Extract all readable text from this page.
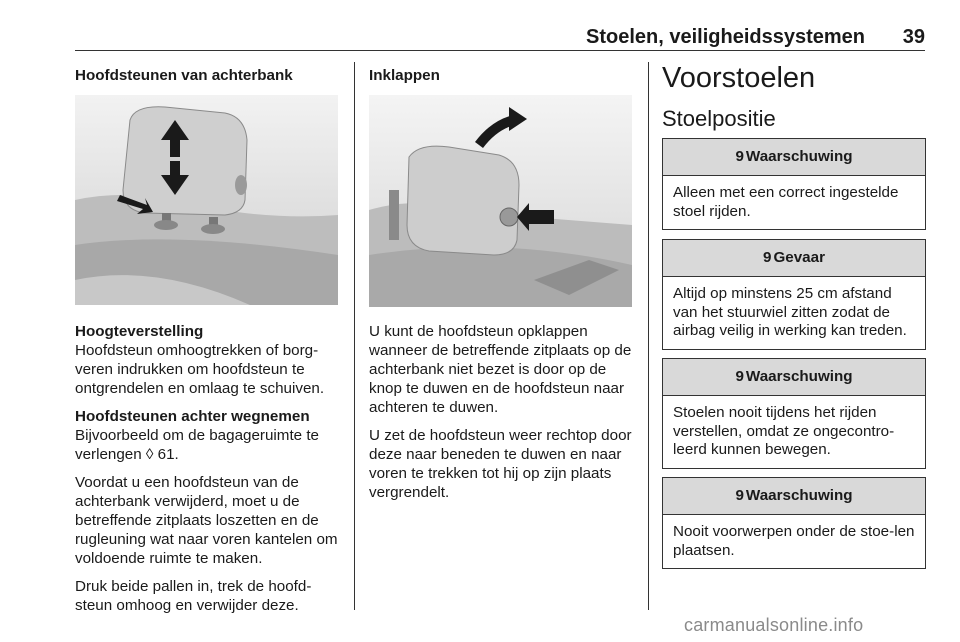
Stoelen, veiligheidssystemen 39
Hoofdsteunen van achterbank

Hoogteverstelling
Hoofdsteun omhoogtrekken of borg-veren indrukken om hoofdsteun te ontgrendelen en omlaag te schuiven.

Hoofdsteunen achter wegnemen
Bijvoorbeeld om de bagageruimte te verlengen ◊ 61.

Voordat u een hoofdsteun van de achterbank verwijderd, moet u de betreffende zitplaats loszetten en de rugleuning wat naar voren kantelen om voldoende ruimte te maken.

Druk beide pallen in, trek de hoofd-steun omhoog en verwijder deze.

Inklappen

U kunt de hoofdsteun opklappen wanneer de betreffende zitplaats op de achterbank niet bezet is door op de knop te duwen en de hoofdsteun naar achteren te duwen.

U zet de hoofdsteun weer rechtop door deze naar beneden te duwen en naar voren te trekken tot hij op zijn plaats vergrendelt.

Voorstoelen
Stoelpositie
9 Waarschuwing
Alleen met een correct ingestelde stoel rijden.
9 Gevaar
Altijd op minstens 25 cm afstand van het stuurwiel zitten zodat de airbag veilig in werking kan treden.
9 Waarschuwing
Stoelen nooit tijdens het rijden verstellen, omdat ze ongecontro-leerd kunnen bewegen.
9 Waarschuwing
Nooit voorwerpen onder de stoe-len plaatsen.
carmanualsonline.info
